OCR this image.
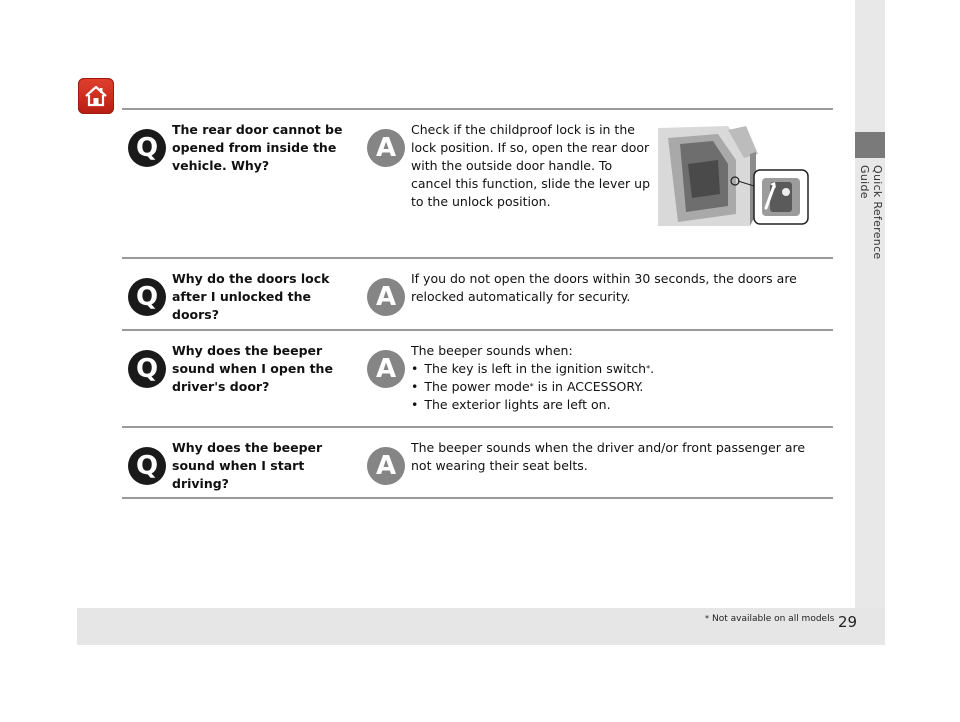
Quick Reference Guide
Q
The rear door cannot be opened from inside the vehicle. Why?
A
Check if the childproof lock is in the lock position. If so, open the rear door with the outside door handle. To cancel this function, slide the lever up to the unlock position.
Q
Why do the doors lock after I unlocked the doors?
A
If you do not open the doors within 30 seconds, the doors are relocked automatically for security.
Q
Why does the beeper sound when I open the driver's door?
A
The beeper sounds when:
• The key is left in the ignition switch*.
• The power mode* is in ACCESSORY.
• The exterior lights are left on.
Q
Why does the beeper sound when I start driving?
A
The beeper sounds when the driver and/or front passenger are not wearing their seat belts.
* Not available on all models 29
